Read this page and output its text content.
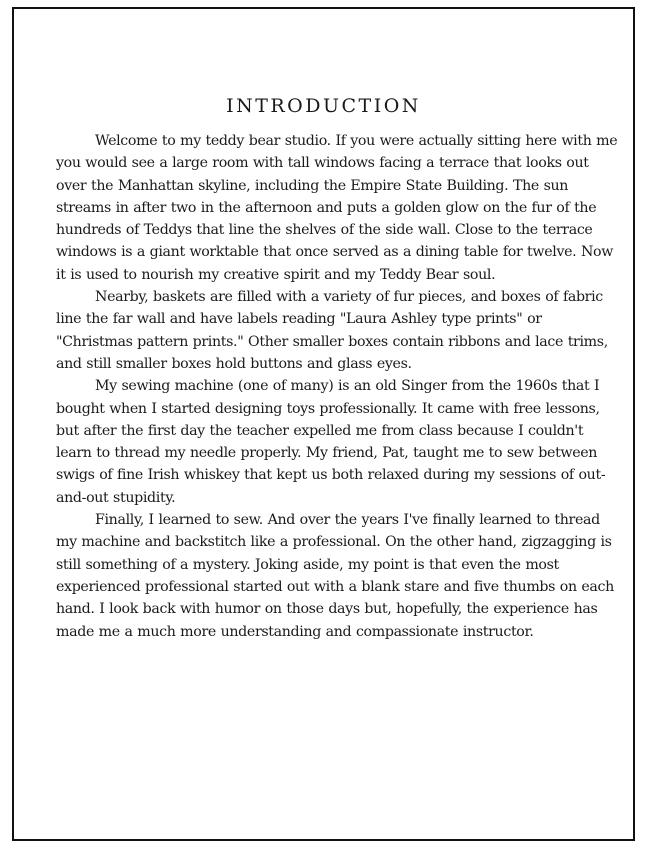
INTRODUCTION

Welcome to my teddy bear studio. If you were actually sitting here with me you would see a large room with tall windows facing a terrace that looks out over the Manhattan skyline, including the Empire State Building. The sun streams in after two in the afternoon and puts a golden glow on the fur of the hundreds of Teddys that line the shelves of the side wall. Close to the terrace windows is a giant worktable that once served as a dining table for twelve. Now it is used to nourish my creative spirit and my Teddy Bear soul.

Nearby, baskets are filled with a variety of fur pieces, and boxes of fabric line the far wall and have labels reading "Laura Ashley type prints" or "Christmas pattern prints." Other smaller boxes contain ribbons and lace trims, and still smaller boxes hold buttons and glass eyes.

My sewing machine (one of many) is an old Singer from the 1960s that I bought when I started designing toys professionally. It came with free lessons, but after the first day the teacher expelled me from class because I couldn't learn to thread my needle properly. My friend, Pat, taught me to sew between swigs of fine Irish whiskey that kept us both relaxed during my sessions of out-and-out stupidity.

Finally, I learned to sew. And over the years I've finally learned to thread my machine and backstitch like a professional. On the other hand, zigzagging is still something of a mystery. Joking aside, my point is that even the most experienced professional started out with a blank stare and five thumbs on each hand. I look back with humor on those days but, hopefully, the experience has made me a much more understanding and compassionate instructor.
